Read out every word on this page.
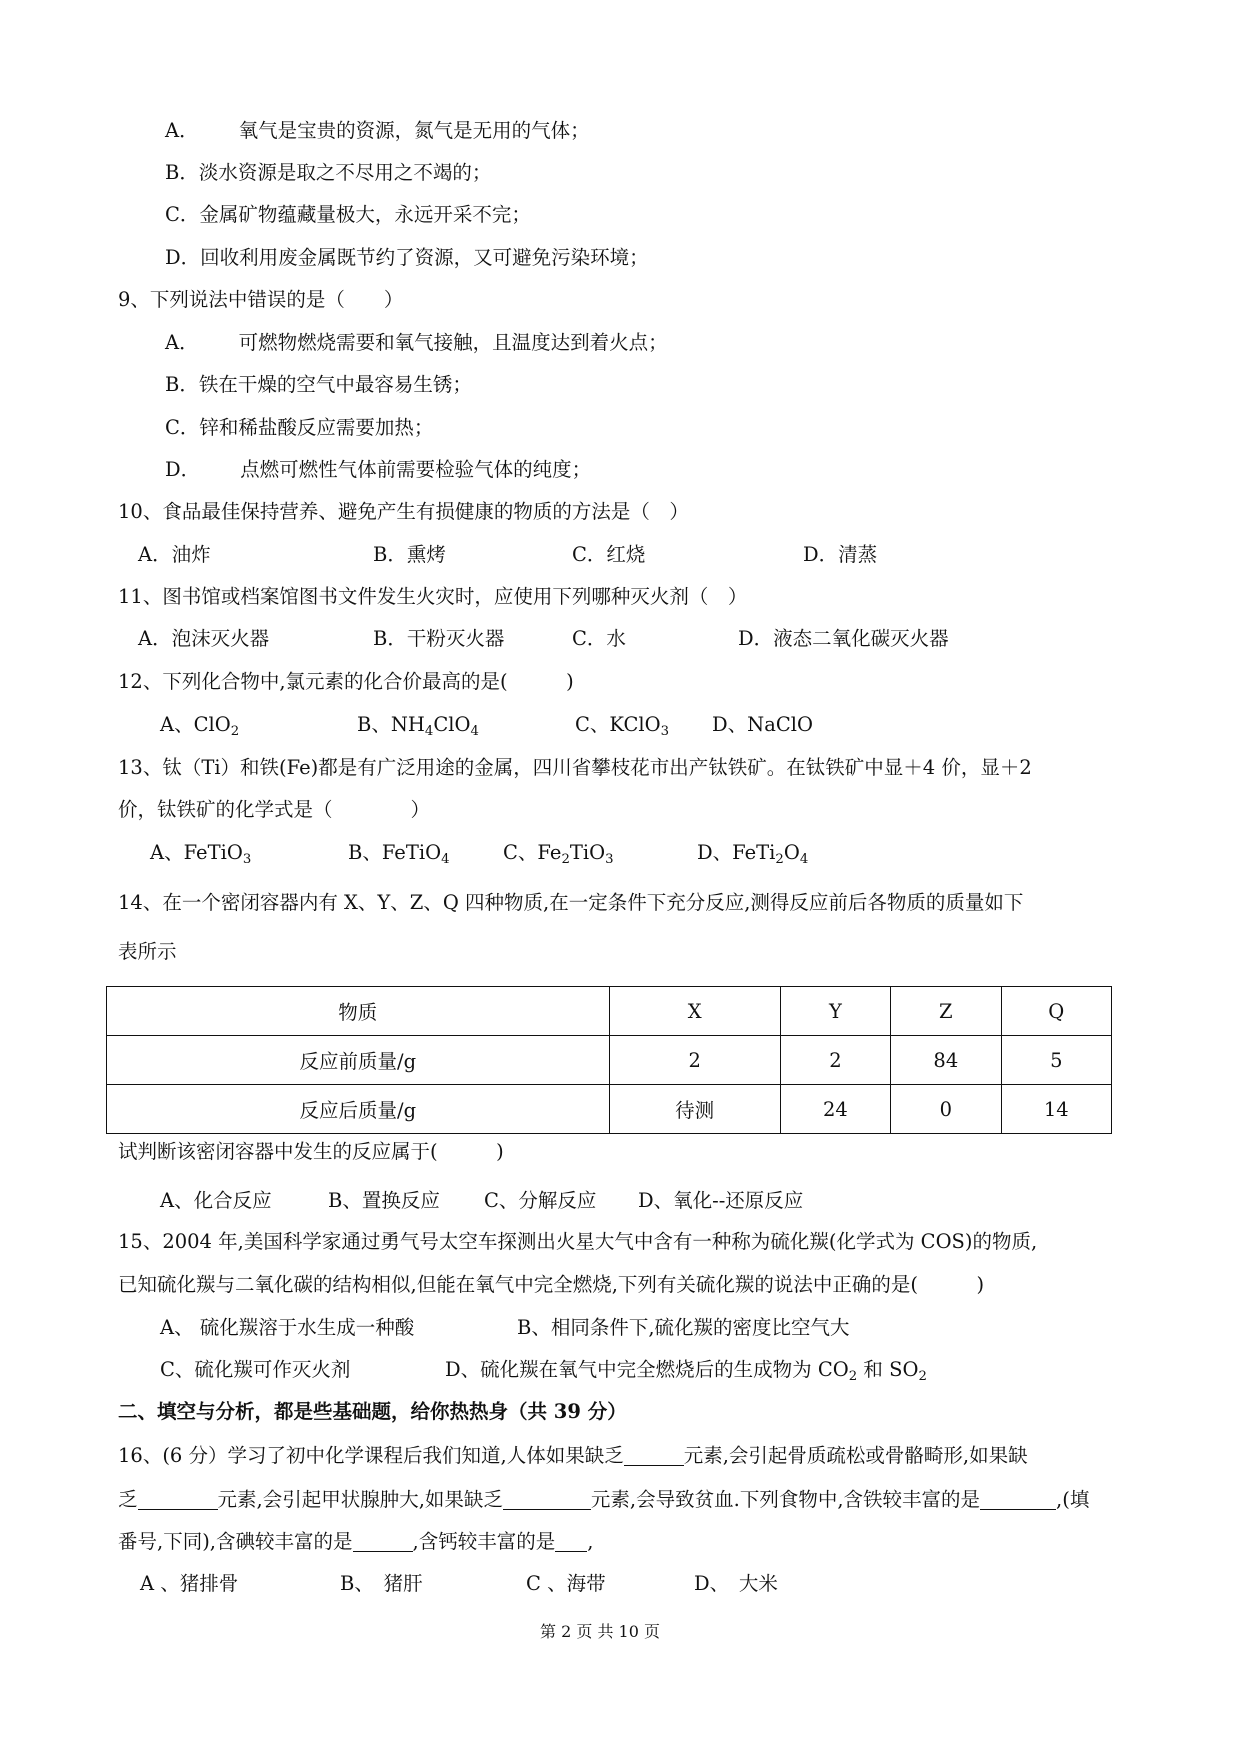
A． 氧气是宝贵的资源，氮气是无用的气体；
B．淡水资源是取之不尽用之不竭的；
C．金属矿物蕴藏量极大，永远开采不完；
D．回收利用废金属既节约了资源，又可避免污染环境；
9、下列说法中错误的是（　　）
A． 可燃物燃烧需要和氧气接触，且温度达到着火点；
B．铁在干燥的空气中最容易生锈；
C．锌和稀盐酸反应需要加热；
D． 点燃可燃性气体前需要检验气体的纯度；
10、食品最佳保持营养、避免产生有损健康的物质的方法是（　）
A．油炸	B．熏烤	C．红烧	D．清蒸
11、图书馆或档案馆图书文件发生火灾时，应使用下列哪种灭火剂（　）
A．泡沫灭火器	B．干粉灭火器	C．水	D．液态二氧化碳灭火器
12、下列化合物中,氯元素的化合价最高的是(　　　)
A、ClO$_2$	B、$NH_4ClO_4$	C、KClO$_3$ D、NaClO
13、钛（Ti）和铁(Fe)都是有广泛用途的金属，四川省攀枝花市出产钛铁矿。在钛铁矿中显＋4 价，显＋2
价，钛铁矿的化学式是（　　　　）
A、FeTiO$_3$	B、FeTiO$_4$	C、$Fe_2TiO_3$	D、$FeTi_2O_4$
14、在一个密闭容器内有 X、Y、Z、Q 四种物质,在一定条件下充分反应,测得反应前后各物质的质量如下
表所示
物质	X	Y	Z	Q
反应前质量/g	2	2	84	5
反应后质量/g	待测	24	0	14
试判断该密闭容器中发生的反应属于(　　　)
A、化合反应	B、置换反应 C、分解反应 D、氧化--还原反应
15、2004 年,美国科学家通过勇气号太空车探测出火星大气中含有一种称为硫化羰(化学式为 COS)的物质,
已知硫化羰与二氧化碳的结构相似,但能在氧气中完全燃烧,下列有关硫化羰的说法中正确的是(　　　)
A、 硫化羰溶于水生成一种酸	B、相同条件下,硫化羰的密度比空气大
C、硫化羰可作灭火剂	D、硫化羰在氧气中完全燃烧后的生成物为 $CO_2$ 和 $SO_2$
二、填空与分析，都是些基础题，给你热热身（共 39 分）
16、(6 分）学习了初中化学课程后我们知道,人体如果缺乏	元素,会引起骨质疏松或骨骼畸形,如果缺
乏	元素,会引起甲状腺肿大,如果缺乏	元素,会导致贫血.下列食物中,含铁较丰富的是	,(填
番号,下同),含碘较丰富的是	,含钙较丰富的是 ,
A 、猪排骨	B、　猪肝	C 、海带	D、　大米
第 2 页 共 10 页
